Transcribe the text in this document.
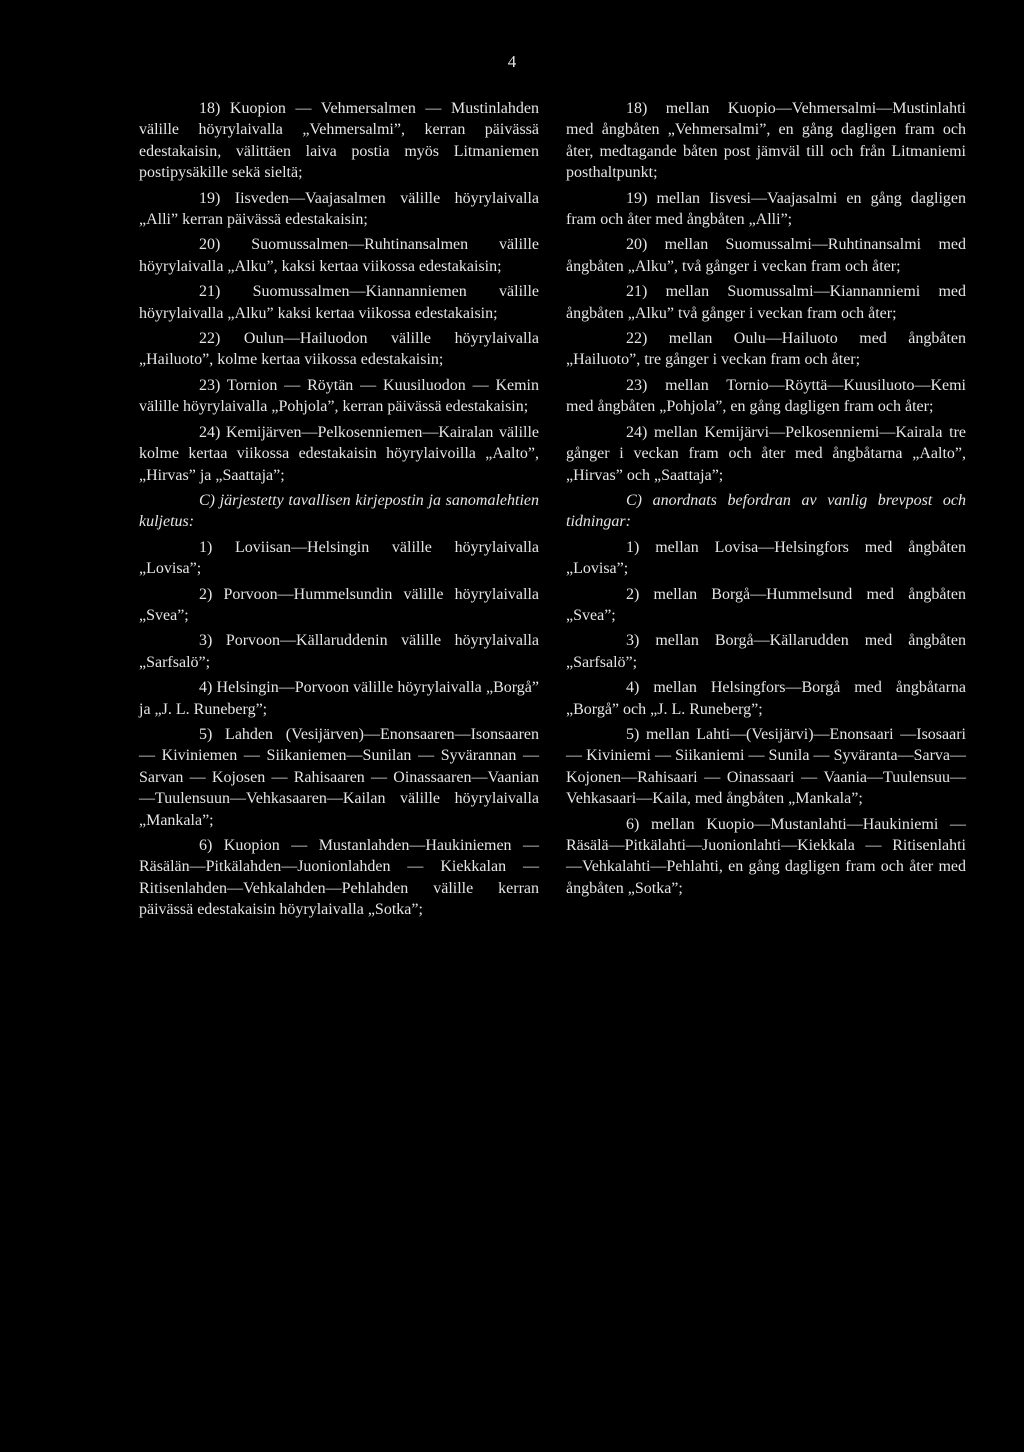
4

18) Kuopion — Vehmersalmen — Mustinlahden välille höyrylaivalla „Vehmersalmi”, kerran päivässä edestakaisin, välittäen laiva postia myös Litmaniemen postipysäkille sekä sieltä;

19) Iisveden—Vaajasalmen välille höyrylaivalla „Alli” kerran päivässä edestakaisin;

20) Suomussalmen—Ruhtinansalmen välille höyrylaivalla „Alku”, kaksi kertaa viikossa edestakaisin;

21) Suomussalmen—Kiannanniemen välille höyrylaivalla „Alku” kaksi kertaa viikossa edestakaisin;

22) Oulun—Hailuodon välille höyrylaivalla „Hailuoto”, kolme kertaa viikossa edestakaisin;

23) Tornion — Röytän — Kuusiluodon — Kemin välille höyrylaivalla „Pohjola”, kerran päivässä edestakaisin;

24) Kemijärven—Pelkosenniemen—Kairalan välille kolme kertaa viikossa edestakaisin höyrylaivoilla „Aalto”, „Hirvas” ja „Saattaja”;

C) järjestetty tavallisen kirjepostin ja sanomalehtien kuljetus:

1) Loviisan—Helsingin välille höyrylaivalla „Lovisa”;

2) Porvoon—Hummelsundin välille höyrylaivalla „Svea”;

3) Porvoon—Källaruddenin välille höyrylaivalla „Sarfsalö”;

4) Helsingin—Porvoon välille höyrylaivalla „Borgå” ja „J. L. Runeberg”;

5) Lahden (Vesijärven)—Enonsaaren—Isonsaaren — Kiviniemen — Siikaniemen—Sunilan — Syvärannan — Sarvan — Kojosen — Rahisaaren — Oinassaaren—Vaanian —Tuulensuun—Vehkasaaren—Kailan välille höyrylaivalla „Mankala”;

6) Kuopion — Mustanlahden—Haukiniemen — Räsälän—Pitkälahden—Juonionlahden — Kiekkalan — Ritisenlahden—Vehkalahden—Pehlahden välille kerran päivässä edestakaisin höyrylaivalla „Sotka”;

18) mellan Kuopio—Vehmersalmi—Mustinlahti med ångbåten „Vehmersalmi”, en gång dagligen fram och åter, medtagande båten post jämväl till och från Litmaniemi posthaltpunkt;

19) mellan Iisvesi—Vaajasalmi en gång dagligen fram och åter med ångbåten „Alli”;

20) mellan Suomussalmi—Ruhtinansalmi med ångbåten „Alku”, två gånger i veckan fram och åter;

21) mellan Suomussalmi—Kiannanniemi med ångbåten „Alku” två gånger i veckan fram och åter;

22) mellan Oulu—Hailuoto med ångbåten „Hailuoto”, tre gånger i veckan fram och åter;

23) mellan Tornio—Röyttä—Kuusiluoto—Kemi med ångbåten „Pohjola”, en gång dagligen fram och åter;

24) mellan Kemijärvi—Pelkosenniemi—Kairala tre gånger i veckan fram och åter med ångbåtarna „Aalto”, „Hirvas” och „Saattaja”;

C) anordnats befordran av vanlig brevpost och tidningar:

1) mellan Lovisa—Helsingfors med ångbåten „Lovisa”;

2) mellan Borgå—Hummelsund med ångbåten „Svea”;

3) mellan Borgå—Källarudden med ångbåten „Sarfsalö”;

4) mellan Helsingfors—Borgå med ångbåtarna „Borgå” och „J. L. Runeberg”;

5) mellan Lahti—(Vesijärvi)—Enonsaari —Isosaari — Kiviniemi — Siikaniemi — Sunila — Syväranta—Sarva—Kojonen—Rahisaari — Oinassaari — Vaania—Tuulensuu—Vehkasaari—Kaila, med ångbåten „Mankala”;

6) mellan Kuopio—Mustanlahti—Haukiniemi — Räsälä—Pitkälahti—Juonionlahti—Kiekkala — Ritisenlahti—Vehkalahti—Pehlahti, en gång dagligen fram och åter med ångbåten „Sotka”;
